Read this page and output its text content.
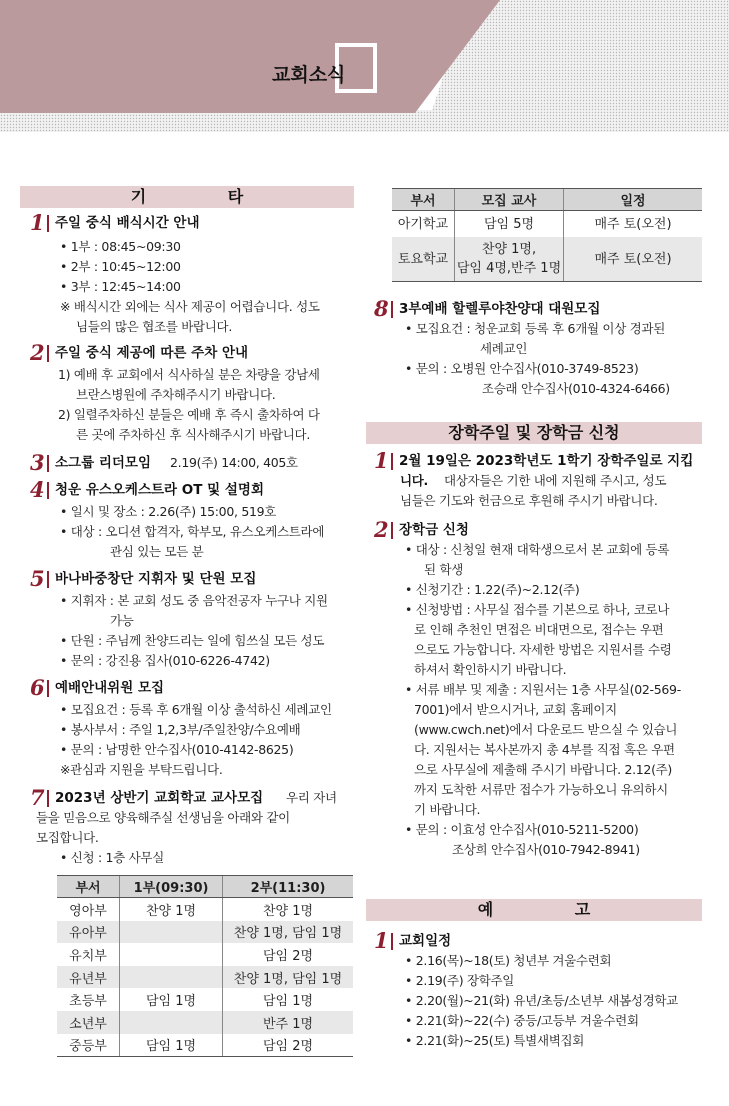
교회소식
기 타
1 주일 중식 배식시간 안내
• 1부 : 08:45~09:30
• 2부 : 10:45~12:00
• 3부 : 12:45~14:00
※ 배식시간 외에는 식사 제공이 어렵습니다. 성도
님들의 많은 협조를 바랍니다.
2 주일 중식 제공에 따른 주차 안내
1) 예배 후 교회에서 식사하실 분은 차량을 강남세
브란스병원에 주차해주시기 바랍니다.
2) 일렬주차하신 분들은 예배 후 즉시 출차하여 다
른 곳에 주차하신 후 식사해주시기 바랍니다.
3 소그룹 리더모임 2.19(주) 14:00, 405호
4 청운 유스오케스트라 OT 및 설명회
• 일시 및 장소 : 2.26(주) 15:00, 519호
• 대상 : 오디션 합격자, 학부모, 유스오케스트라에
관심 있는 모든 분
5 바나바중창단 지휘자 및 단원 모집
• 지휘자 : 본 교회 성도 중 음악전공자 누구나 지원
가능
• 단원 : 주님께 찬양드리는 일에 힘쓰실 모든 성도
• 문의 : 강진용 집사(010-6226-4742)
6 예배안내위원 모집
• 모집요건 : 등록 후 6개월 이상 출석하신 세례교인
• 봉사부서 : 주일 1,2,3부/주일찬양/수요예배
• 문의 : 남명한 안수집사(010-4142-8625)
※관심과 지원을 부탁드립니다.
7 2023년 상반기 교회학교 교사모집 우리 자녀
들을 믿음으로 양육해주실 선생님을 아래와 같이
모집합니다.
• 신청 : 1층 사무실
부서	1부(09:30)	2부(11:30)
영아부	찬양 1명	찬양 1명
유아부		찬양 1명, 담임 1명
유치부		담임 2명
유년부		찬양 1명, 담임 1명
초등부	담임 1명	담임 1명
소년부		반주 1명
중등부	담임 1명	담임 2명
부서	모집 교사	일정
아기학교	담임 5명	매주 토(오전)
토요학교	찬양 1명,
담임 4명,반주 1명	매주 토(오전)
8 3부예배 할렐루야찬양대 대원모집
• 모집요건 : 청운교회 등록 후 6개월 이상 경과된
세례교인
• 문의 : 오병원 안수집사(010-3749-8523)
조승래 안수집사(010-4324-6466)
1 2월 19일은 2023학년도 1학기 장학주일로 지킵
니다. 대상자들은 기한 내에 지원해 주시고, 성도
님들은 기도와 헌금으로 후원해 주시기 바랍니다.
2 장학금 신청
• 대상 : 신청일 현재 대학생으로서 본 교회에 등록
된 학생
• 신청기간 : 1.22(주)~2.12(주)
• 신청방법 : 사무실 접수를 기본으로 하나, 코로나
로 인해 추천인 면접은 비대면으로, 접수는 우편
으로도 가능합니다. 자세한 방법은 지원서를 수령
하셔서 확인하시기 바랍니다.
• 서류 배부 및 제출 : 지원서는 1층 사무실(02-569-
7001)에서 받으시거나, 교회 홈페이지
(www.cwch.net)에서 다운로드 받으실 수 있습니
다. 지원서는 복사본까지 총 4부를 직접 혹은 우편
으로 사무실에 제출해 주시기 바랍니다. 2.12(주)
까지 도착한 서류만 접수가 가능하오니 유의하시
기 바랍니다.
• 문의 : 이효성 안수집사(010-5211-5200)
조상희 안수집사(010-7942-8941)
1 교회일정
• 2.16(목)~18(토) 청년부 겨울수련회
• 2.19(주) 장학주일
• 2.20(월)~21(화) 유년/초등/소년부 새봄성경학교
• 2.21(화)~22(수) 중등/고등부 겨울수련회
• 2.21(화)~25(토) 특별새벽집회
장학주일 및 장학금 신청
예 고
